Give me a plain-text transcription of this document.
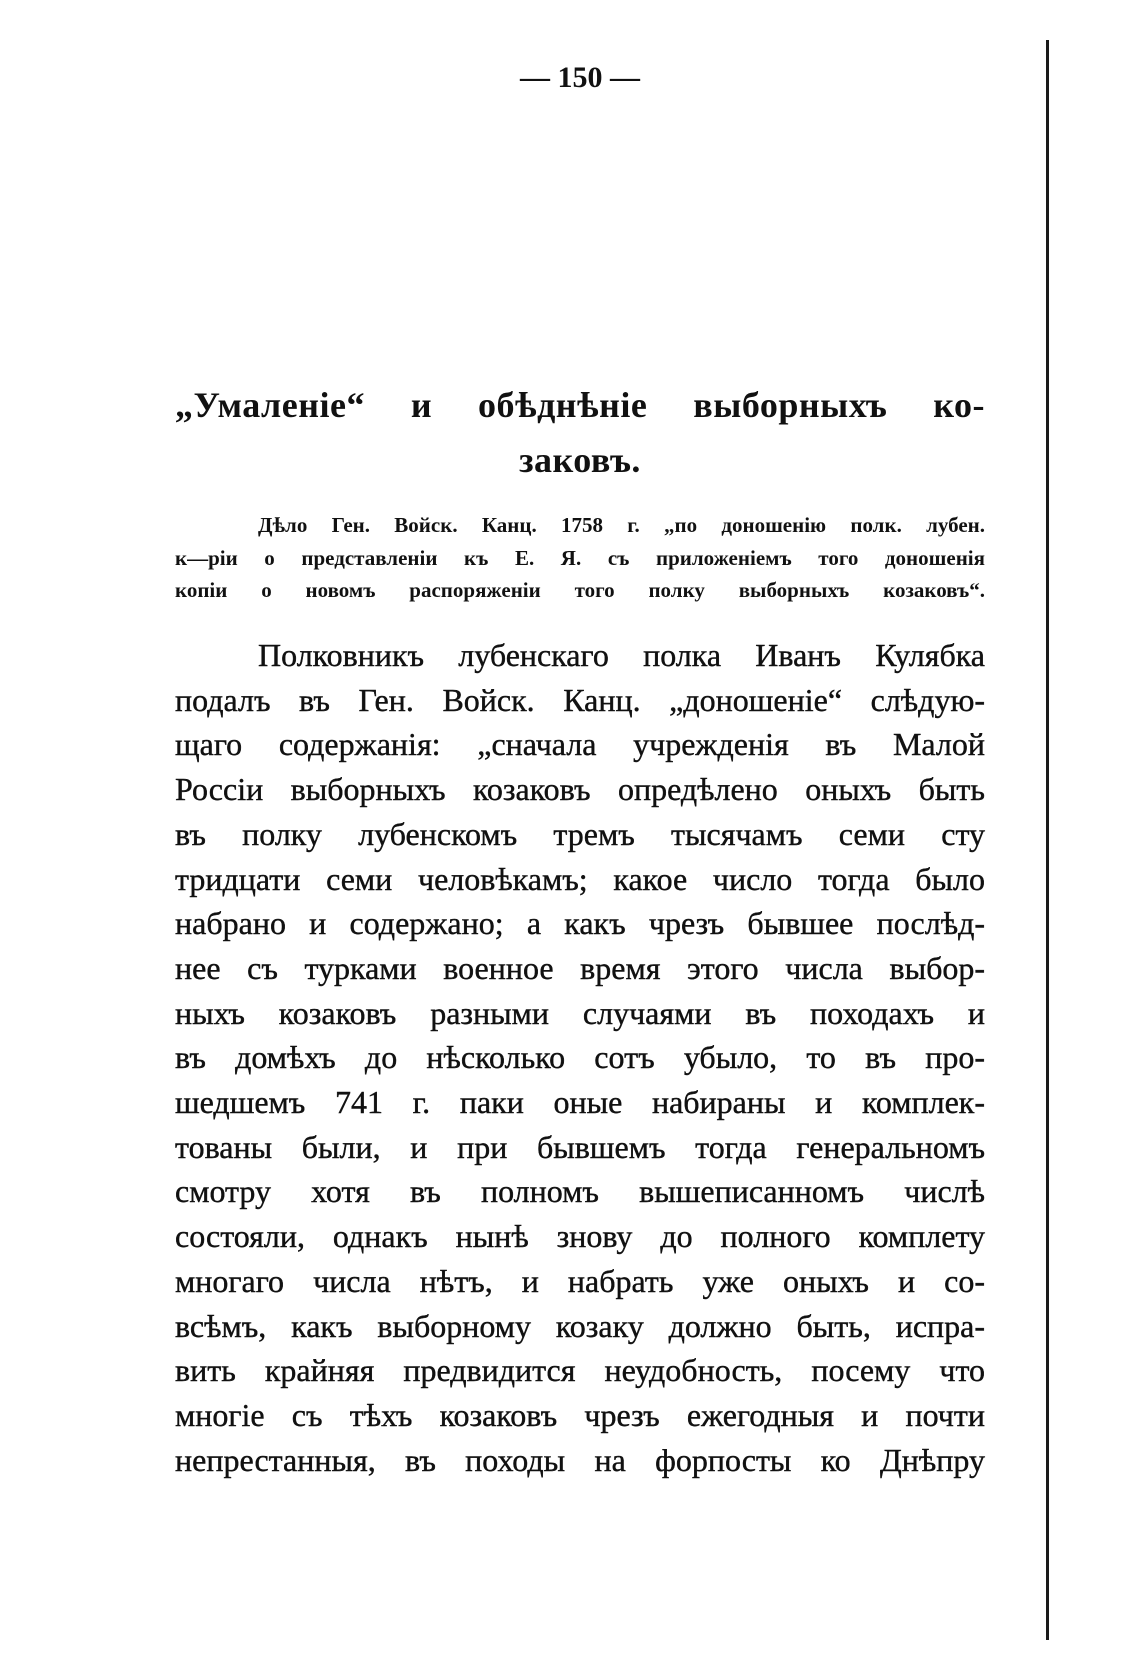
— 150 —
„Умаленіе“ и обѣднѣніе выборныхъ ко-
заковъ.
Дѣло Ген. Войск. Канц. 1758 г. „по доношенію полк. лубен.
к—ріи о представленіи къ Е. Я. съ приложеніемъ того доношенія
копіи о новомъ распоряженіи того полку выборныхъ козаковъ“.
Полковникъ лубенскаго полка Иванъ Кулябка
подалъ въ Ген. Войск. Канц. „доношеніе“ слѣдую-
щаго содержанія: „сначала учрежденія въ Малой
Россіи выборныхъ козаковъ опредѣлено оныхъ быть
въ полку лубенскомъ тремъ тысячамъ семи сту
тридцати семи человѣкамъ; какое число тогда было
набрано и содержано; а какъ чрезъ бывшее послѣд-
нее съ турками военное время этого числа выбор-
ныхъ козаковъ разными случаями въ походахъ и
въ домѣхъ до нѣсколько сотъ убыло, то въ про-
шедшемъ 741 г. паки оные набираны и комплек-
тованы были, и при бывшемъ тогда генеральномъ
смотру хотя въ полномъ вышеписанномъ числѣ
состояли, однакъ нынѣ знову до полного комплету
многаго числа нѣтъ, и набрать уже оныхъ и со-
всѣмъ, какъ выборному козаку должно быть, испра-
вить крайняя предвидится неудобность, посему что
многіе съ тѣхъ козаковъ чрезъ ежегодныя и почти
непрестанныя, въ походы на форпосты ко Днѣпру
